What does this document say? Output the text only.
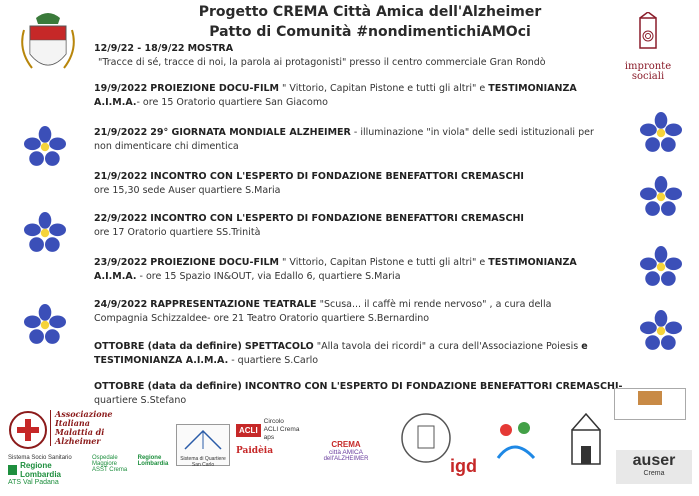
Progetto CREMA Città Amica dell'Alzheimer
Patto di Comunità #nondimentichiAMOci
impronte
sociali
12/9/22 - 18/9/22 MOSTRA
"Tracce di sé, tracce di noi, la parola ai protagonisti" presso il centro commerciale Gran Rondò
19/9/2022 PROIEZIONE DOCU-FILM " Vittorio, Capitan Pistone e tutti gli altri" e TESTIMONIANZA
A.I.M.A.- ore 15 Oratorio quartiere San Giacomo
21/9/2022 29° GIORNATA MONDIALE ALZHEIMER - illuminazione "in viola" delle sedi istituzionali per
non dimenticare chi dimentica
21/9/2022 INCONTRO CON L'ESPERTO DI FONDAZIONE BENEFATTORI CREMASCHI
ore 15,30 sede Auser quartiere S.Maria
22/9/2022 INCONTRO CON L'ESPERTO DI FONDAZIONE BENEFATTORI CREMASCHI
ore 17 Oratorio quartiere SS.Trinità
23/9/2022 PROIEZIONE DOCU-FILM " Vittorio, Capitan Pistone e tutti gli altri" e TESTIMONIANZA
A.I.M.A. - ore 15 Spazio IN&OUT, via Edallo 6, quartiere S.Maria
24/9/2022 RAPPRESENTAZIONE TEATRALE "Scusa... il caffè mi rende nervoso" , a cura della
Compagnia Schizzaldee- ore 21 Teatro Oratorio quartiere S.Bernardino
OTTOBRE (data da definire) SPETTACOLO "Alla tavola dei ricordi" a cura dell'Associazione Poiesis e
TESTIMONIANZA A.I.M.A. - quartiere S.Carlo
OTTOBRE (data da definire) INCONTRO CON L'ESPERTO DI FONDAZIONE BENEFATTORI CREMASCHI-
quartiere S.Stefano
Associazione
Italiana
Malattia di
Alzheimer
Sistema Socio Sanitario
Regione Lombardia
ATS Val Padana
Ospedale Maggiore
Regione Lombardia
ASST Crema
Sistema di Quartiere San Carlo
ACLI
Circolo
ACLI Crema
aps
Paidèia
CREMA
città AMICA
dell'ALZHEIMER	igd	auser
Crema
